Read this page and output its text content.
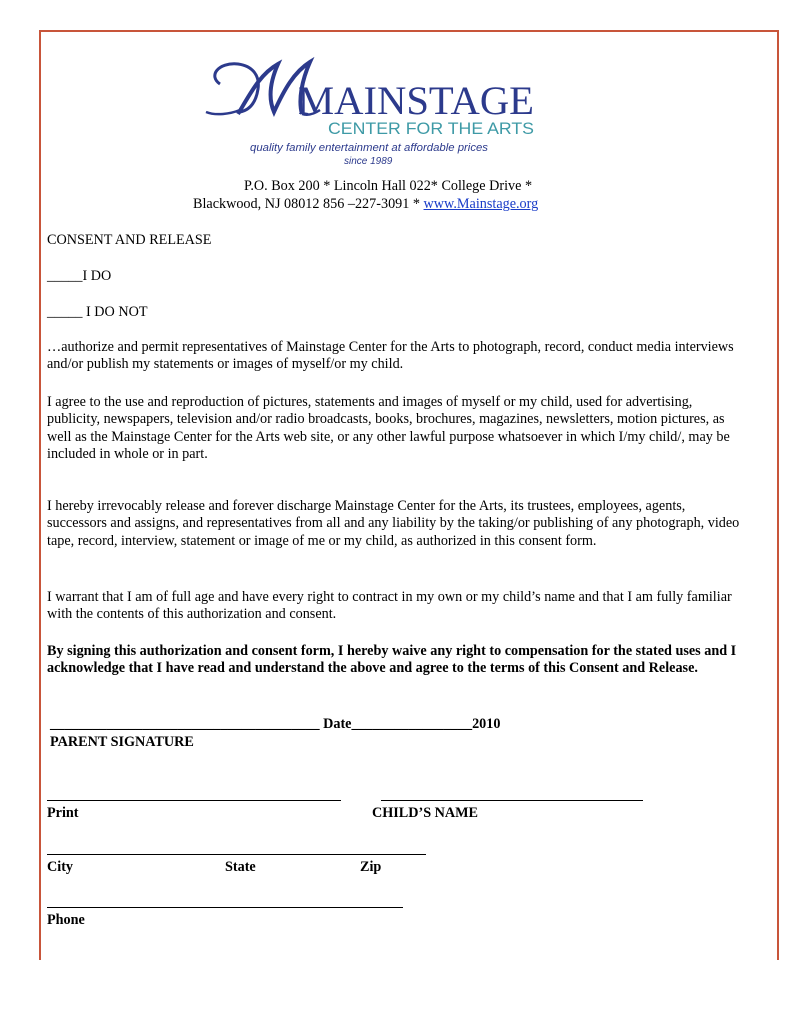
MAINSTAGE
CENTER FOR THE ARTS
quality family entertainment at affordable prices
since 1989

P.O. Box 200 * Lincoln Hall 022* College Drive *

Blackwood, NJ 08012 856 –227-3091 * www.Mainstage.org

CONSENT AND RELEASE

_____I DO

_____ I DO NOT

…authorize and permit representatives of Mainstage Center for the Arts to photograph, record, conduct media interviews and/or publish my statements or images of myself/or my child.

I agree to the use and reproduction of pictures, statements and images of myself or my child, used for advertising, publicity, newspapers, television and/or radio broadcasts, books, brochures, magazines, newsletters, motion pictures, as well as the Mainstage Center for the Arts web site, or any other lawful purpose whatsoever in which I/my child/, may be included in whole or in part.

I hereby irrevocably release and forever discharge Mainstage Center for the Arts, its trustees, employees, agents, successors and assigns, and representatives from all and any liability by the taking/or publishing of any photograph, video tape, record, interview, statement or image of me or my child, as authorized in this consent form.

I warrant that I am of full age and have every right to contract in my own or my child’s name and that I am fully familiar with the contents of this authorization and consent.

By signing this authorization and consent form, I hereby waive any right to compensation for the stated uses and I acknowledge that I have read and understand the above and agree to the terms of this Consent and Release.

______________________________________ Date_________________2010

PARENT SIGNATURE

Print	CHILD’S NAME

City	State	Zip

Phone
